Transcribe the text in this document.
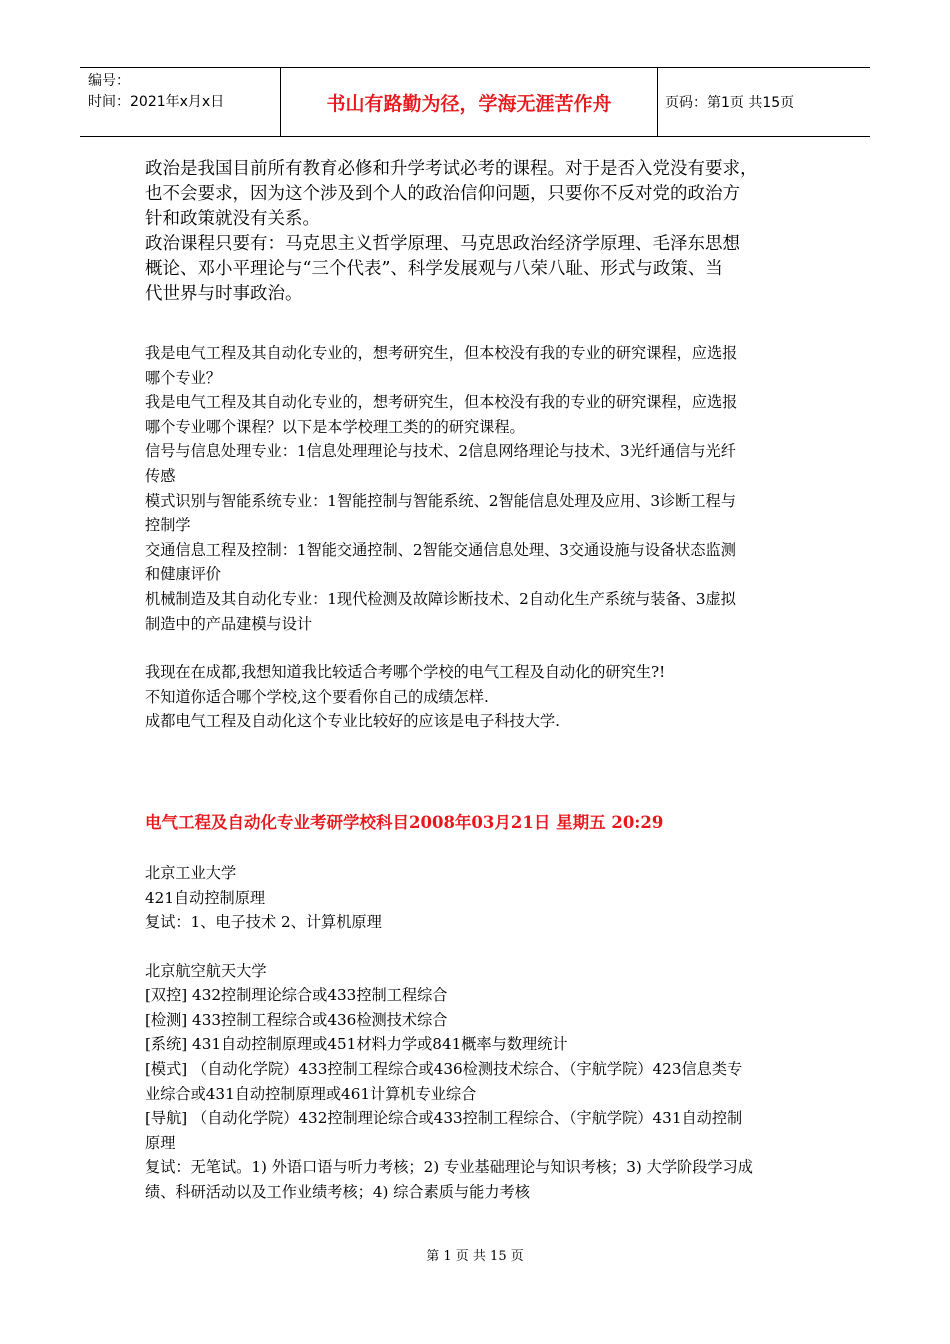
编号：
时间：2021年x月x日	书山有路勤为径，学海无涯苦作舟	页码：第1页 共15页

政治是我国目前所有教育必修和升学考试必考的课程。对于是否入党没有要求，

也不会要求，因为这个涉及到个人的政治信仰问题，只要你不反对党的政治方

针和政策就没有关系。

政治课程只要有：马克思主义哲学原理、马克思政治经济学原理、毛泽东思想

概论、邓小平理论与“三个代表”、科学发展观与八荣八耻、形式与政策、当

代世界与时事政治。

我是电气工程及其自动化专业的，想考研究生，但本校没有我的专业的研究课程，应选报

哪个专业？

我是电气工程及其自动化专业的，想考研究生，但本校没有我的专业的研究课程，应选报

哪个专业哪个课程？以下是本学校理工类的的研究课程。

信号与信息处理专业：1信息处理理论与技术、2信息网络理论与技术、3光纤通信与光纤

传感

模式识别与智能系统专业：1智能控制与智能系统、2智能信息处理及应用、3诊断工程与

控制学

交通信息工程及控制：1智能交通控制、2智能交通信息处理、3交通设施与设备状态监测

和健康评价

机械制造及其自动化专业：1现代检测及故障诊断技术、2自动化生产系统与装备、3虚拟

制造中的产品建模与设计

我现在在成都,我想知道我比较适合考哪个学校的电气工程及自动化的研究生?!

不知道你适合哪个学校,这个要看你自己的成绩怎样.

成都电气工程及自动化这个专业比较好的应该是电子科技大学.

电气工程及自动化专业考研学校科目2008年03月21日 星期五 20:29

北京工业大学

421自动控制原理

复试：1、电子技术 2、计算机原理

北京航空航天大学

[双控] 432控制理论综合或433控制工程综合

[检测] 433控制工程综合或436检测技术综合

[系统] 431自动控制原理或451材料力学或841概率与数理统计

[模式] （自动化学院）433控制工程综合或436检测技术综合、（宇航学院）423信息类专

业综合或431自动控制原理或461计算机专业综合

[导航] （自动化学院）432控制理论综合或433控制工程综合、（宇航学院）431自动控制

原理

复试：无笔试。1) 外语口语与听力考核；2) 专业基础理论与知识考核；3) 大学阶段学习成

绩、科研活动以及工作业绩考核；4) 综合素质与能力考核

第 1 页 共 15 页
